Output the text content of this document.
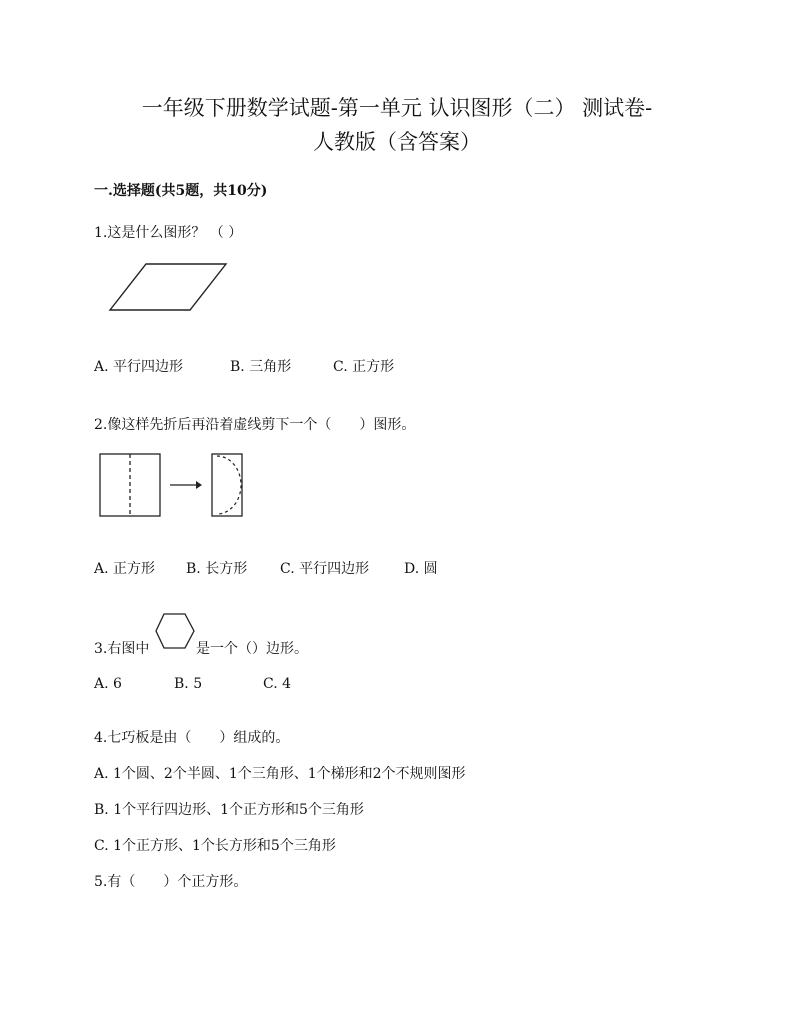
一年级下册数学试题-第一单元 认识图形（二） 测试卷-
人教版（含答案）
一.选择题(共5题，共10分)
1.这是什么图形？ （ ）
A. 平行四边形	B. 三角形	C. 正方形
2.像这样先折后再沿着虚线剪下一个（　　）图形。
A. 正方形 B. 长方形 C. 平行四边形 D. 圆
3.右图中	是一个（）边形。
A. 6	B. 5	C. 4
4.七巧板是由（　　）组成的。
A. 1个圆、2个半圆、1个三角形、1个梯形和2个不规则图形
B. 1个平行四边形、1个正方形和5个三角形
C. 1个正方形、1个长方形和5个三角形
5.有（　　）个正方形。
